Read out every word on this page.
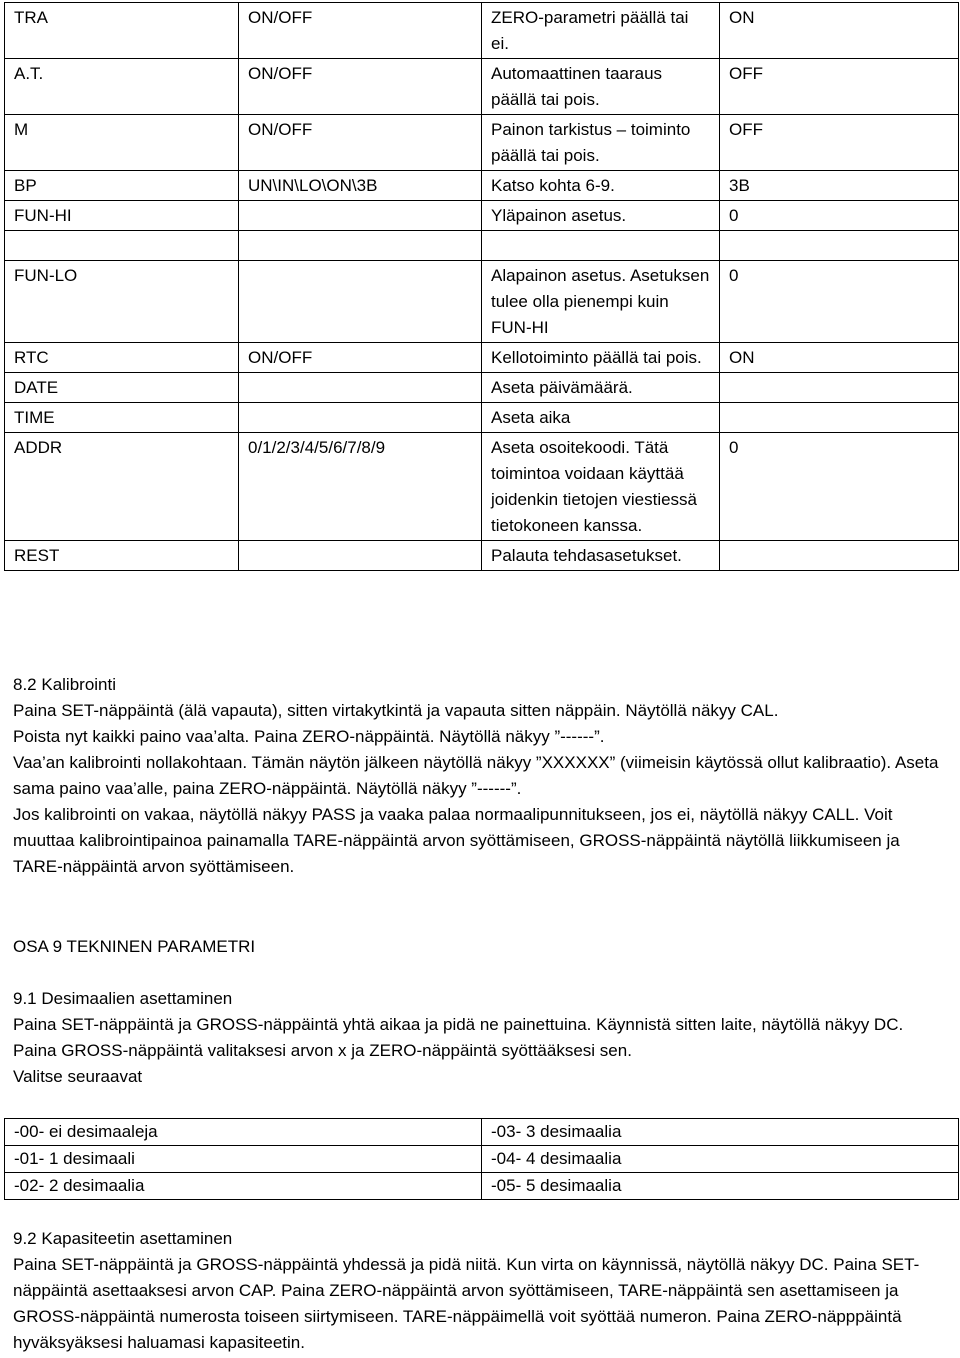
TRA	ON/OFF	ZERO-parametri päällä tai ei.	ON
A.T.	ON/OFF	Automaattinen taaraus päällä tai pois.	OFF
M	ON/OFF	Painon tarkistus – toiminto päällä tai pois.	OFF
BP	UN\IN\LO\ON\3B	Katso kohta 6-9.	3B
FUN-HI		Yläpainon asetus.	0

FUN-LO		Alapainon asetus. Asetuksen tulee olla pienempi kuin FUN-HI	0
RTC	ON/OFF	Kellotoiminto päällä tai pois.	ON
DATE		Aseta päivämäärä.	
TIME		Aseta aika	
ADDR	0/1/2/3/4/5/6/7/8/9	Aseta osoitekoodi. Tätä toimintoa voidaan käyttää joidenkin tietojen viestiessä tietokoneen kanssa.	0
REST		Palauta tehdasasetukset.	

8.2 Kalibrointi

Paina SET-näppäintä (älä vapauta), sitten virtakytkintä ja vapauta sitten näppäin. Näytöllä näkyy CAL.

Poista nyt kaikki paino vaa’alta. Paina ZERO-näppäintä. Näytöllä näkyy ”------”.

Vaa’an kalibrointi nollakohtaan. Tämän näytön jälkeen näytöllä näkyy ”XXXXXX” (viimeisin käytössä ollut kalibraatio). Aseta sama paino vaa’alle, paina ZERO-näppäintä. Näytöllä näkyy ”------”.

Jos kalibrointi on vakaa, näytöllä näkyy PASS ja vaaka palaa normaalipunnitukseen, jos ei, näytöllä näkyy CALL. Voit muuttaa kalibrointipainoa painamalla TARE-näppäintä arvon syöttämiseen, GROSS-näppäintä näytöllä liikkumiseen ja TARE-näppäintä arvon syöttämiseen.

OSA 9 TEKNINEN PARAMETRI

9.1 Desimaalien asettaminen

Paina SET-näppäintä ja GROSS-näppäintä yhtä aikaa ja pidä ne painettuina. Käynnistä sitten laite, näytöllä näkyy DC. Paina GROSS-näppäintä valitaksesi arvon x ja ZERO-näppäintä syöttääksesi sen.

Valitse seuraavat

-00- ei desimaaleja	-03- 3 desimaalia
-01- 1 desimaali	-04- 4 desimaalia
-02- 2 desimaalia	-05- 5 desimaalia

9.2 Kapasiteetin asettaminen

Paina SET-näppäintä ja GROSS-näppäintä yhdessä ja pidä niitä. Kun virta on käynnissä, näytöllä näkyy DC. Paina SET-näppäintä asettaaksesi arvon CAP. Paina ZERO-näppäintä arvon syöttämiseen, TARE-näppäintä sen asettamiseen ja GROSS-näppäintä numerosta toiseen siirtymiseen. TARE-näppäimellä voit syöttää numeron. Paina ZERO-näpppäintä hyväksyäksesi haluamasi kapasiteetin.
